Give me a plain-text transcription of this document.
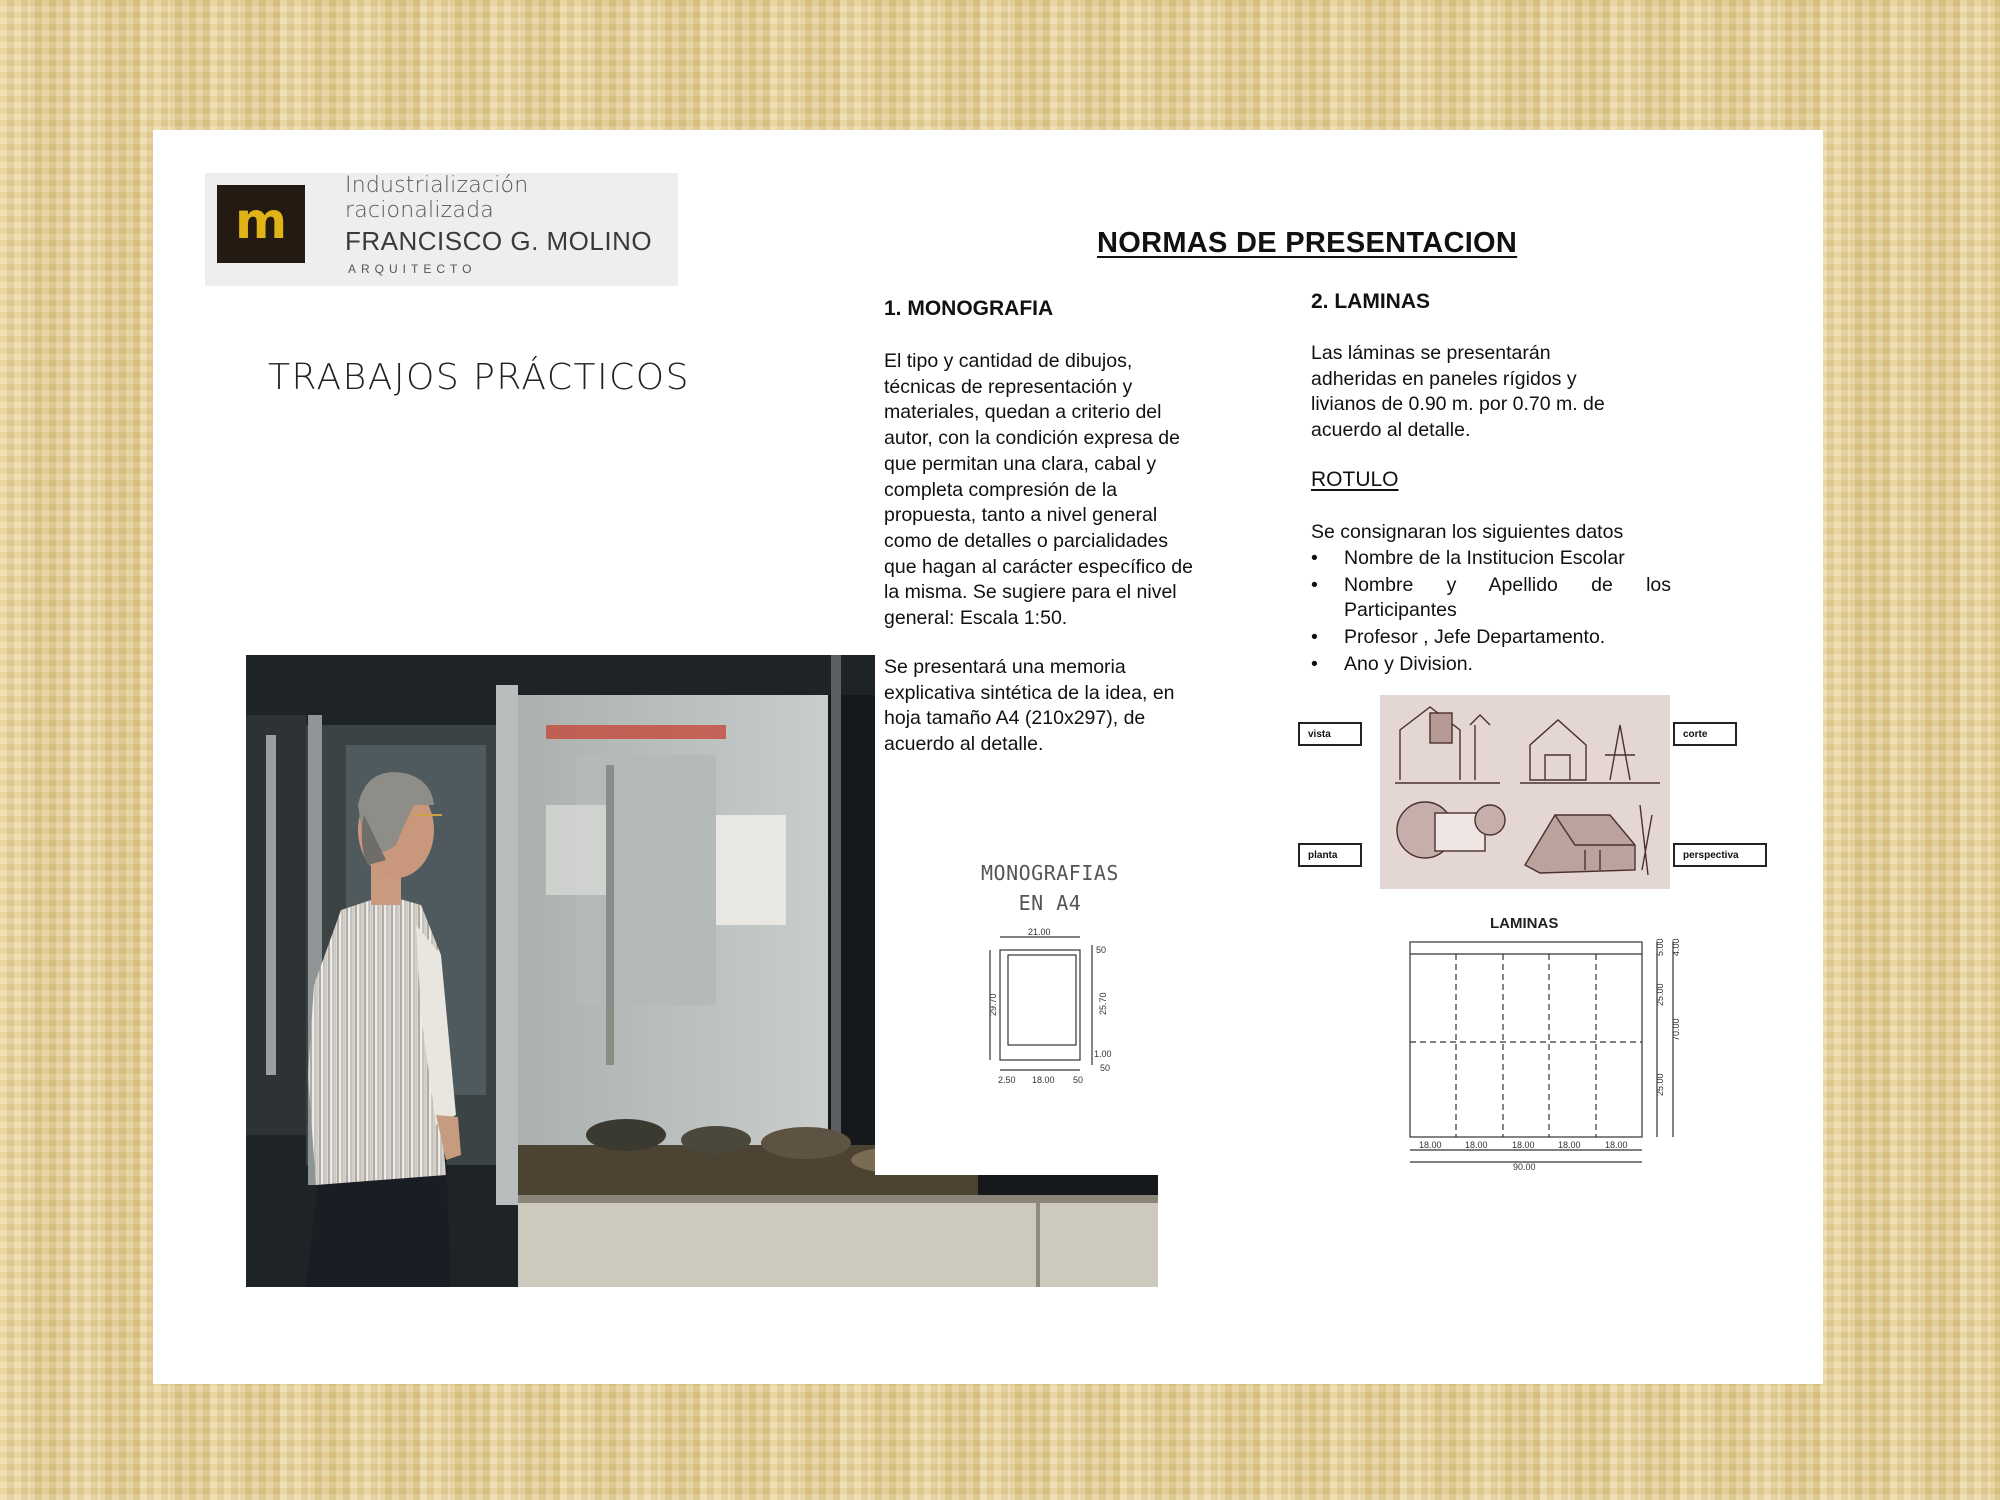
m
Industrialización racionalizada
FRANCISCO G. MOLINO
ARQUITECTO
TRABAJOS PRÁCTICOS
NORMAS DE PRESENTACION
1. MONOGRAFIA
El tipo y cantidad de dibujos,
técnicas de representación y
materiales, quedan a criterio del
autor, con la condición expresa de
que permitan una clara, cabal y
completa compresión de la
propuesta, tanto a nivel general
como de detalles o parcialidades
que hagan al carácter específico de
la misma. Se sugiere para el nivel
general: Escala 1:50.
Se presentará una memoria
explicativa sintética de la idea, en
hoja tamaño A4 (210x297), de
acuerdo al detalle.
2. LAMINAS
Las láminas se presentarán
adheridas en paneles rígidos y
livianos de 0.90 m. por 0.70 m. de
acuerdo al detalle.
ROTULO
Se consignaran los siguientes datos
• Nombre de la Institucion Escolar
• Nombre y Apellido de los Participantes
• Profesor , Jefe Departamento.
• Ano y Division.
vista	corte
planta	perspectiva
MONOGRAFIAS
EN A4
21.00
29.70	25.70
50
1.00
50
2.50 18.00 50
LAMINAS
18.00	18.00	18.00	18.00	18.00
90.00
25.00
25.00
70.00
4.00
5.00
